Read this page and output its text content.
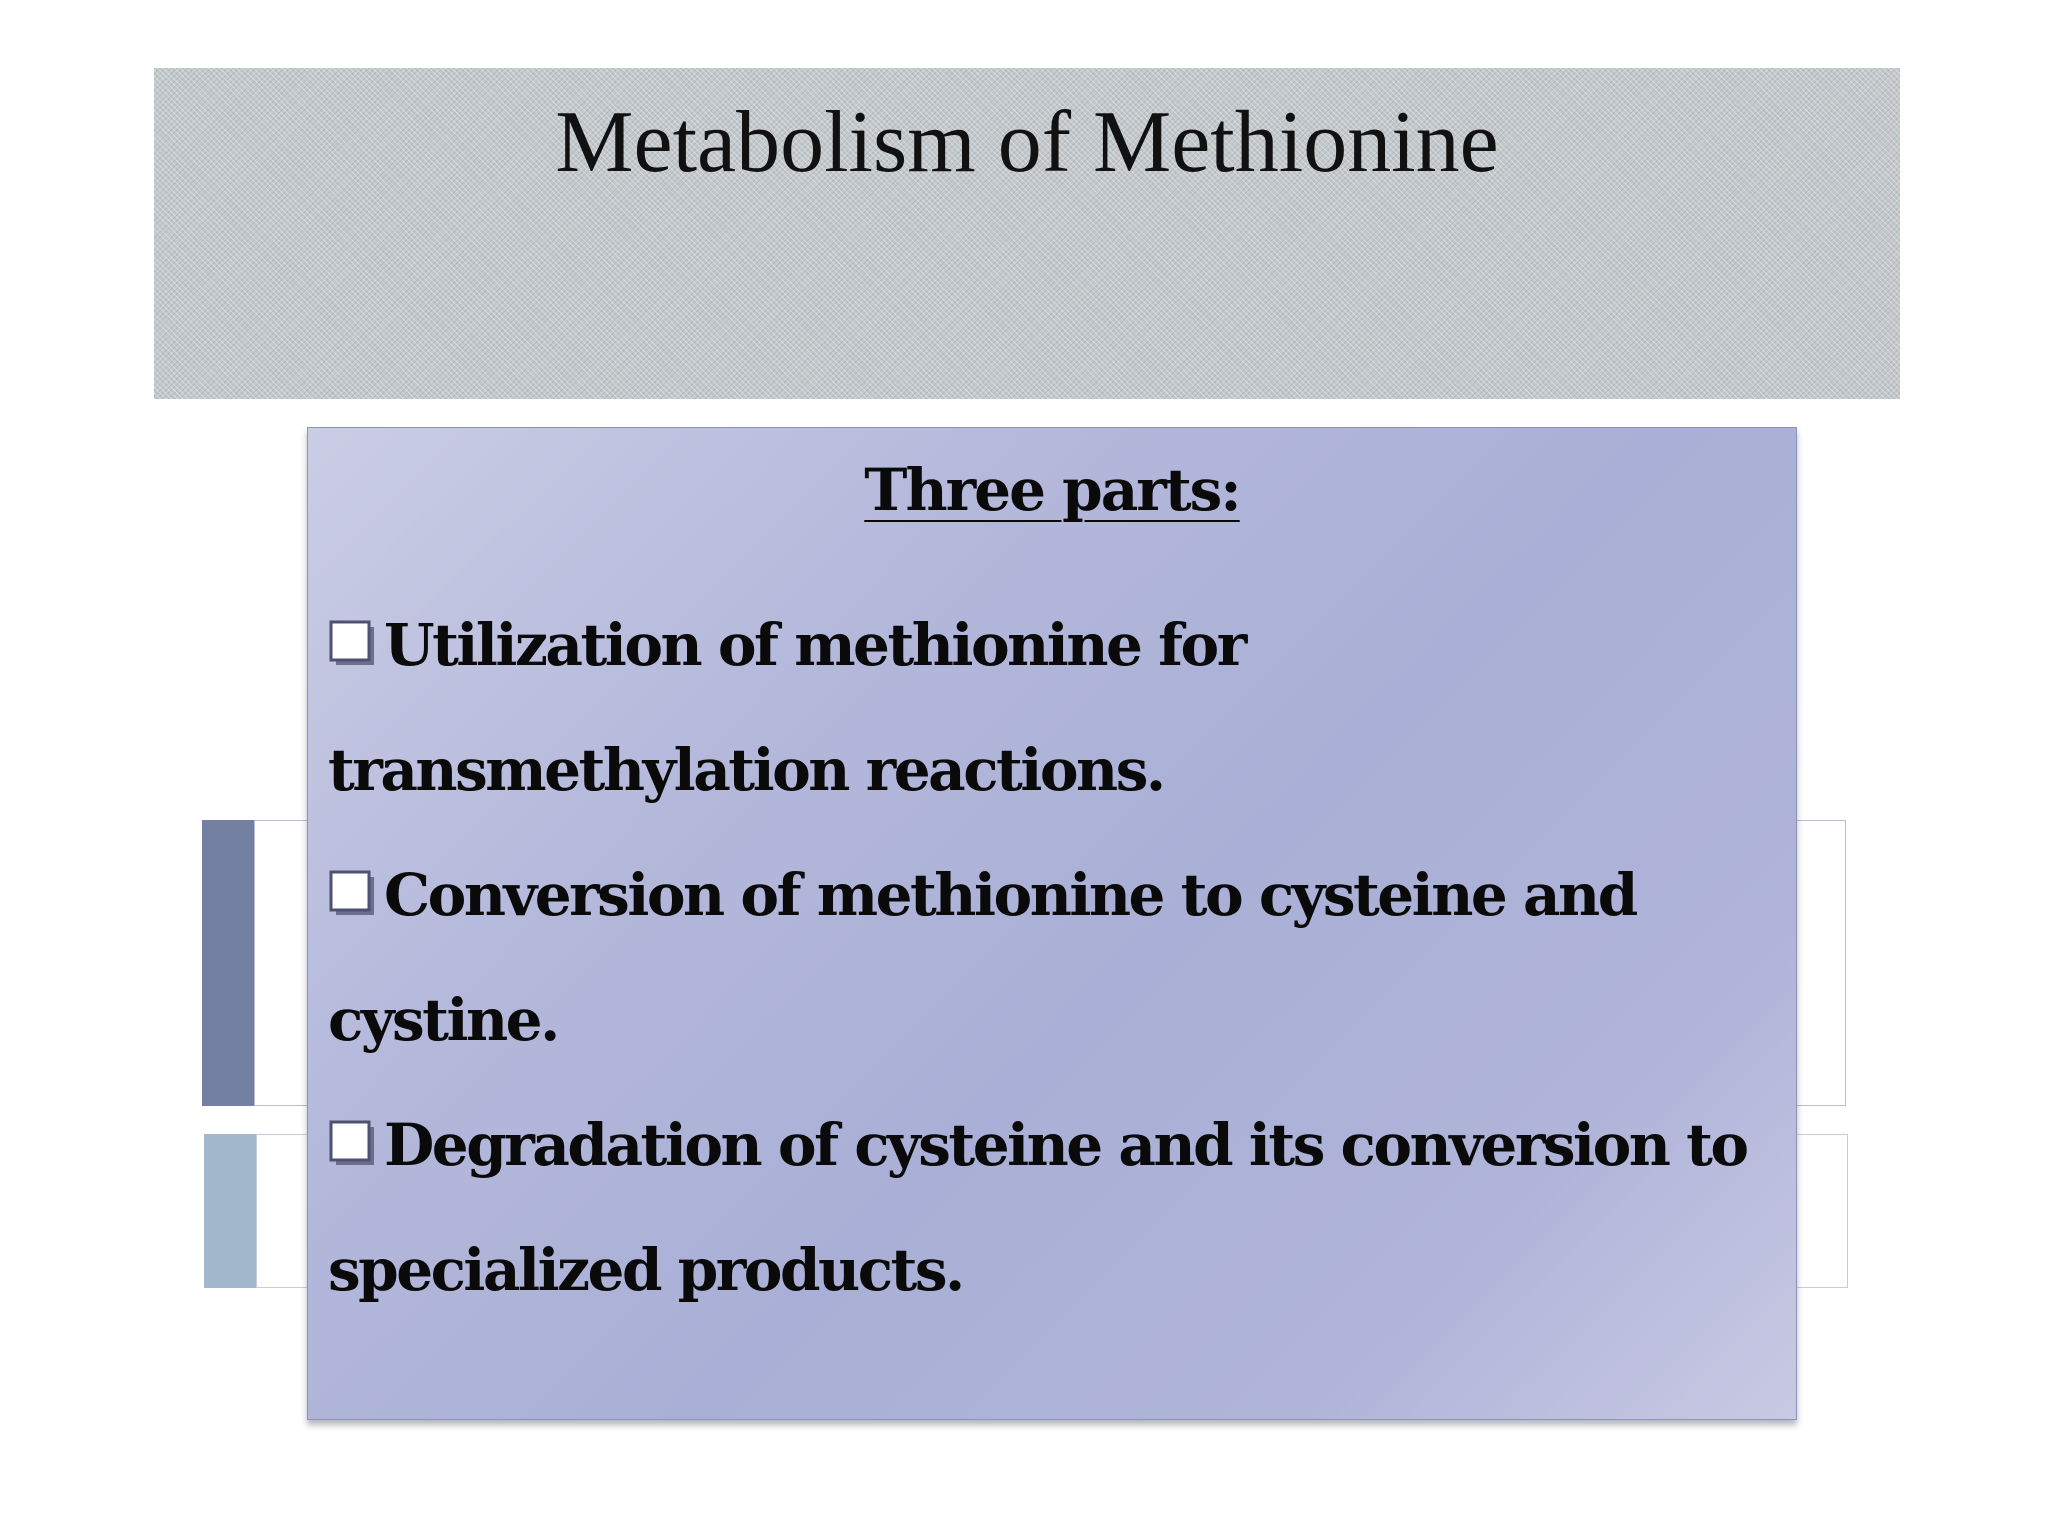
Metabolism of Methionine
Three parts:
Utilization of methionine for transmethylation reactions.
Conversion of methionine to cysteine and cystine.
Degradation of cysteine and its conversion to specialized products.
